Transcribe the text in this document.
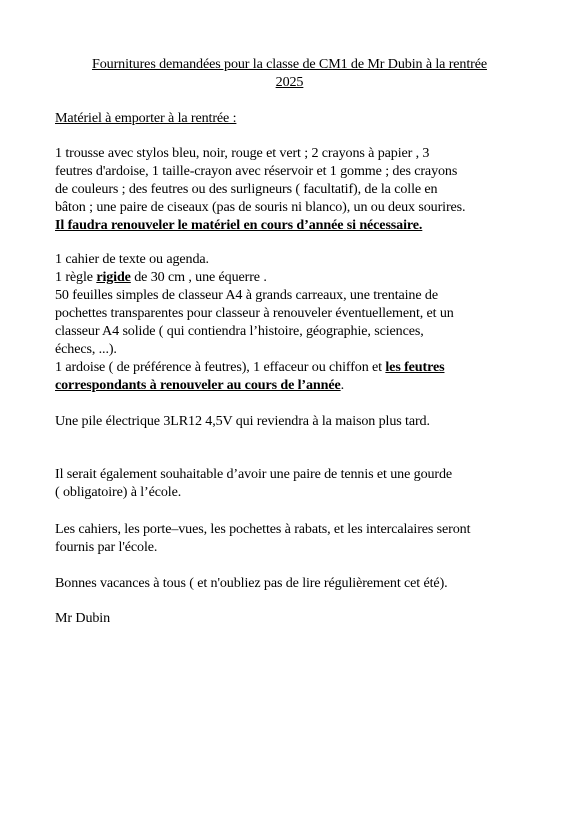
Fournitures demandées pour la classe de CM1 de Mr Dubin à la rentrée
2025
Matériel à emporter à la rentrée :
1 trousse avec stylos bleu, noir, rouge et vert ; 2 crayons à papier , 3
feutres d'ardoise, 1 taille-crayon avec réservoir et 1 gomme ; des crayons
de couleurs ; des feutres ou des surligneurs ( facultatif), de la colle en
bâton ; une paire de ciseaux (pas de souris ni blanco), un ou deux sourires.
Il faudra renouveler le matériel en cours d’année si nécessaire.
1 cahier de texte ou agenda.
1 règle rigide de 30 cm , une équerre .
50 feuilles simples de classeur A4 à grands carreaux, une trentaine de
pochettes transparentes pour classeur à renouveler éventuellement, et un
classeur A4 solide ( qui contiendra l’histoire, géographie, sciences,
échecs, ...).
1 ardoise ( de préférence à feutres), 1 effaceur ou chiffon et les feutres
correspondants à renouveler au cours de l’année.
Une pile électrique 3LR12 4,5V qui reviendra à la maison plus tard.
Il serait également souhaitable d’avoir une paire de tennis et une gourde
( obligatoire) à l’école.
Les cahiers, les porte–vues, les pochettes à rabats, et les intercalaires seront
fournis par l'école.
Bonnes vacances à tous ( et n'oubliez pas de lire régulièrement cet été).
Mr Dubin
